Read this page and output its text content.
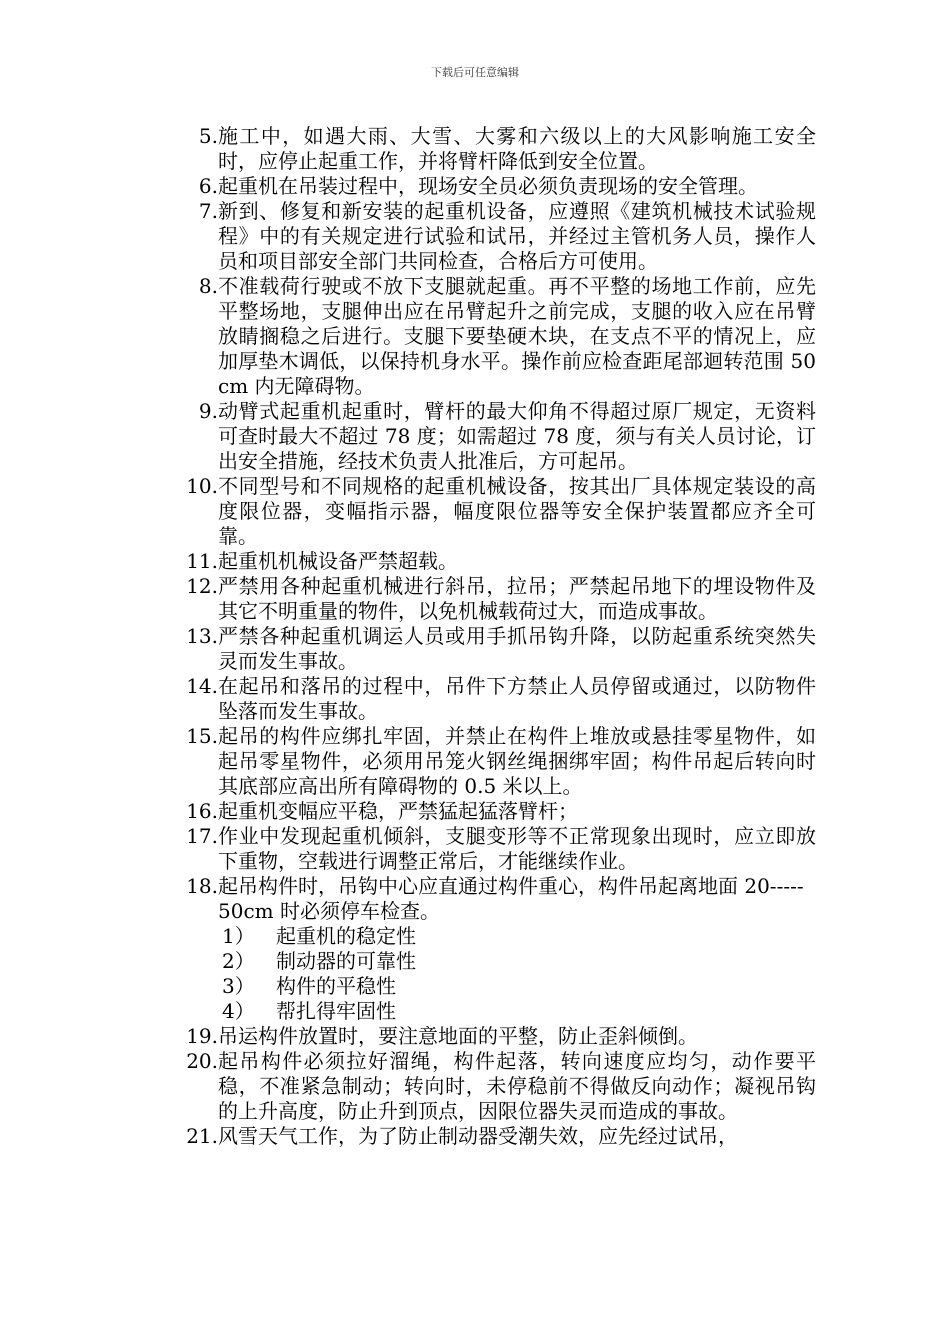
下载后可任意编辑
5. 施工中，如遇大雨、大雪、大雾和六级以上的大风影响施工安全时，应停止起重工作，并将臂杆降低到安全位置。
6. 起重机在吊装过程中，现场安全员必须负责现场的安全管理。
7. 新到、修复和新安装的起重机设备，应遵照《建筑机械技术试验规程》中的有关规定进行试验和试吊，并经过主管机务人员，操作人员和项目部安全部门共同检查，合格后方可使用。
8. 不准载荷行驶或不放下支腿就起重。再不平整的场地工作前，应先平整场地，支腿伸出应在吊臂起升之前完成，支腿的收入应在吊臂放睛搁稳之后进行。支腿下要垫硬木块，在支点不平的情况上，应加厚垫木调低，以保持机身水平。操作前应检查距尾部迴转范围 50cm 内无障碍物。
9. 动臂式起重机起重时，臂杆的最大仰角不得超过原厂规定，无资料可查时最大不超过 78 度；如需超过 78 度，须与有关人员讨论，订出安全措施，经技术负责人批准后，方可起吊。
10. 不同型号和不同规格的起重机械设备，按其出厂具体规定装设的高度限位器，变幅指示器，幅度限位器等安全保护装置都应齐全可靠。
11. 起重机机械设备严禁超载。
12. 严禁用各种起重机械进行斜吊，拉吊；严禁起吊地下的埋设物件及其它不明重量的物件，以免机械载荷过大，而造成事故。
13. 严禁各种起重机调运人员或用手抓吊钩升降，以防起重系统突然失灵而发生事故。
14. 在起吊和落吊的过程中，吊件下方禁止人员停留或通过，以防物件坠落而发生事故。
15. 起吊的构件应绑扎牢固，并禁止在构件上堆放或悬挂零星物件，如起吊零星物件，必须用吊笼火钢丝绳捆绑牢固；构件吊起后转向时其底部应高出所有障碍物的 0.5 米以上。
16. 起重机变幅应平稳，严禁猛起猛落臂杆；
17. 作业中发现起重机倾斜，支腿变形等不正常现象出现时，应立即放下重物，空载进行调整正常后，才能继续作业。
18. 起吊构件时，吊钩中心应直通过构件重心，构件吊起离地面 20-----50cm 时必须停车检查。
1）	起重机的稳定性
2）	制动器的可靠性
3）	构件的平稳性
4）	帮扎得牢固性
19. 吊运构件放置时，要注意地面的平整，防止歪斜倾倒。
20. 起吊构件必须拉好溜绳，构件起落，转向速度应均匀，动作要平稳，不准紧急制动；转向时，未停稳前不得做反向动作；凝视吊钩的上升高度，防止升到顶点，因限位器失灵而造成的事故。
21. 风雪天气工作，为了防止制动器受潮失效，应先经过试吊，
